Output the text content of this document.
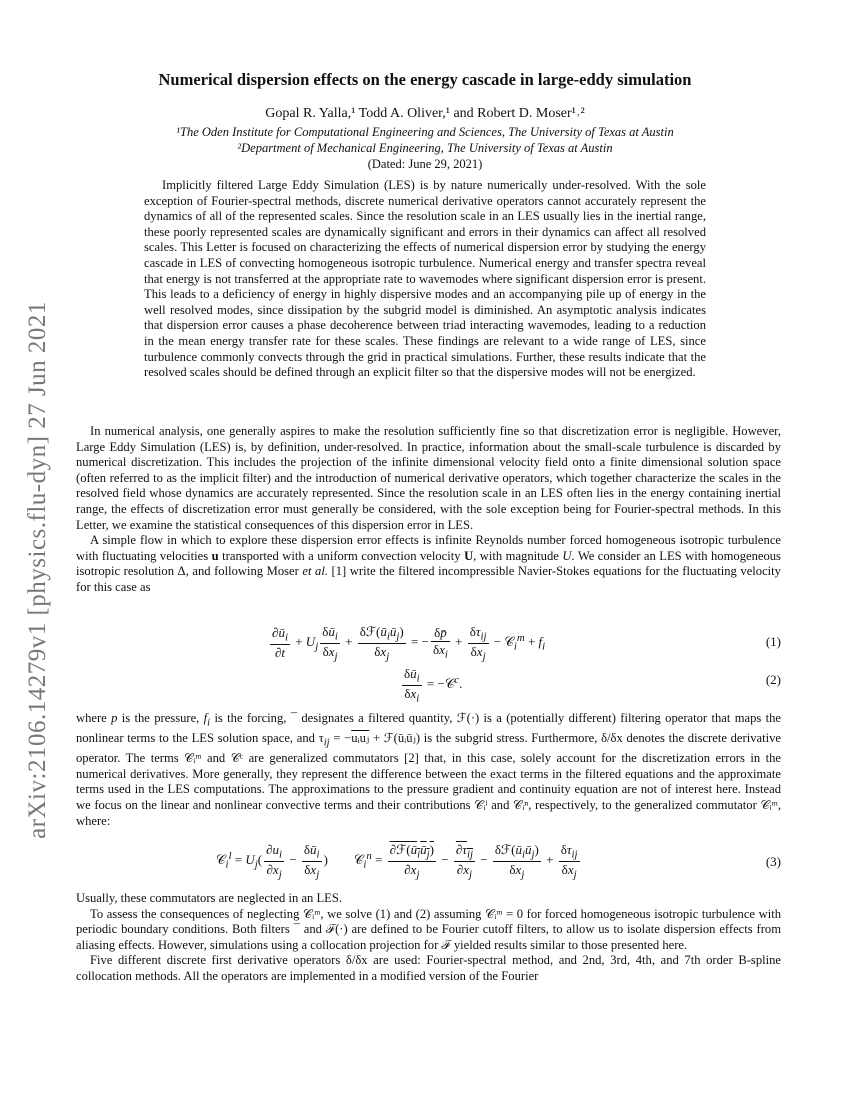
arXiv:2106.14279v1 [physics.flu-dyn] 27 Jun 2021
Numerical dispersion effects on the energy cascade in large-eddy simulation
Gopal R. Yalla,¹ Todd A. Oliver,¹ and Robert D. Moser¹˒²
¹The Oden Institute for Computational Engineering and Sciences, The University of Texas at Austin
²Department of Mechanical Engineering, The University of Texas at Austin
(Dated: June 29, 2021)

Implicitly filtered Large Eddy Simulation (LES) is by nature numerically under-resolved. With the sole exception of Fourier-spectral methods, discrete numerical derivative operators cannot accurately represent the dynamics of all of the represented scales. Since the resolution scale in an LES usually lies in the inertial range, these poorly represented scales are dynamically significant and errors in their dynamics can affect all resolved scales. This Letter is focused on characterizing the effects of numerical dispersion error by studying the energy cascade in LES of convecting homogeneous isotropic turbulence. Numerical energy and transfer spectra reveal that energy is not transferred at the appropriate rate to wavemodes where significant dispersion error is present. This leads to a deficiency of energy in highly dispersive modes and an accompanying pile up of energy in the well resolved modes, since dissipation by the subgrid model is diminished. An asymptotic analysis indicates that dispersion error causes a phase decoherence between triad interacting wavemodes, leading to a reduction in the mean energy transfer rate for these scales. These findings are relevant to a wide range of LES, since turbulence commonly convects through the grid in practical simulations. Further, these results indicate that the resolved scales should be defined through an explicit filter so that the dispersive modes will not be energized.

In numerical analysis, one generally aspires to make the resolution sufficiently fine so that discretization error is negligible. However, Large Eddy Simulation (LES) is, by definition, under-resolved. In practice, information about the small-scale turbulence is discarded by numerical discretization. This includes the projection of the infinite dimensional velocity field onto a finite dimensional solution space (often referred to as the implicit filter) and the introduction of numerical derivative operators, which together characterize the scales in the resolved field whose dynamics are accurately represented. Since the resolution scale in an LES often lies in the energy containing inertial range, the effects of discretization error must generally be considered, with the sole exception being for Fourier-spectral methods. In this Letter, we examine the statistical consequences of this dispersion error in LES.

A simple flow in which to explore these dispersion error effects is infinite Reynolds number forced homogeneous isotropic turbulence with fluctuating velocities u transported with a uniform convection velocity U, with magnitude U. We consider an LES with homogeneous isotropic resolution Δ, and following Moser et al. [1] write the filtered incompressible Navier-Stokes equations for the fluctuating velocity for this case as

$\frac{\partial ū_i}{\partial t} + U_j \frac{\delta ū_i}{\delta x_j} + \frac{\delta ℱ(ū_iū_j)}{\delta x_j}$ = − $\frac{\delta p̄}{\delta x_i} + \frac{\delta\tau_{ij}}{\delta x_j}$ − 𝒞$_i^m$ + $f_i$	(1)
$\frac{\delta ū_i}{\delta x_i}$ = −𝒞$^c$.	(2)

where p is the pressure, $f_i$ is the forcing, ¯ designates a filtered quantity, ℱ(·) is a (potentially different) filtering operator that maps the nonlinear terms to the LES solution space, and $\tau_{ij}$ = −uᵢuⱼ + ℱ(ūᵢūⱼ) is the subgrid stress. Furthermore, δ/δx denotes the discrete derivative operator. The terms 𝒞ᵢᵐ and 𝒞ᶜ are generalized commutators [2] that, in this case, solely account for the discretization errors in the numerical derivatives. More generally, they represent the difference between the exact terms in the filtered equations and the approximate terms used in the LES computations. The approximations to the pressure gradient and continuity equation are not of interest here. Instead we focus on the linear and nonlinear convective terms and their contributions 𝒞ᵢˡ and 𝒞ᵢⁿ, respectively, to the generalized commutator 𝒞ᵢᵐ, where:

𝒞$_i^l$ = $U_j( \frac{\partial u_i}{\partial x_j} - \frac{\delta ū_i}{\delta x_j}$ )        𝒞$_i^n$ = $\frac{\partial ℱ(ū_iū_j)}{\partial x_j} - \frac{\partial\tau_{ij}}{\partial x_j} - \frac{\delta ℱ(ū_iū_j)}{\delta x_j} + \frac{\delta\tau_{ij}}{\delta x_j}$	(3)

Usually, these commutators are neglected in an LES.

To assess the consequences of neglecting 𝒞ᵢᵐ, we solve (1) and (2) assuming 𝒞ᵢᵐ = 0 for forced homogeneous isotropic turbulence with periodic boundary conditions. Both filters ¯ and ℱ(·) are defined to be Fourier cutoff filters, to allow us to isolate dispersion effects from aliasing effects. However, simulations using a collocation projection for ℱ yielded results similar to those presented here.

Five different discrete first derivative operators δ/δx are used: Fourier-spectral method, and 2nd, 3rd, 4th, and 7th order B-spline collocation methods. All the operators are implemented in a modified version of the Fourier
